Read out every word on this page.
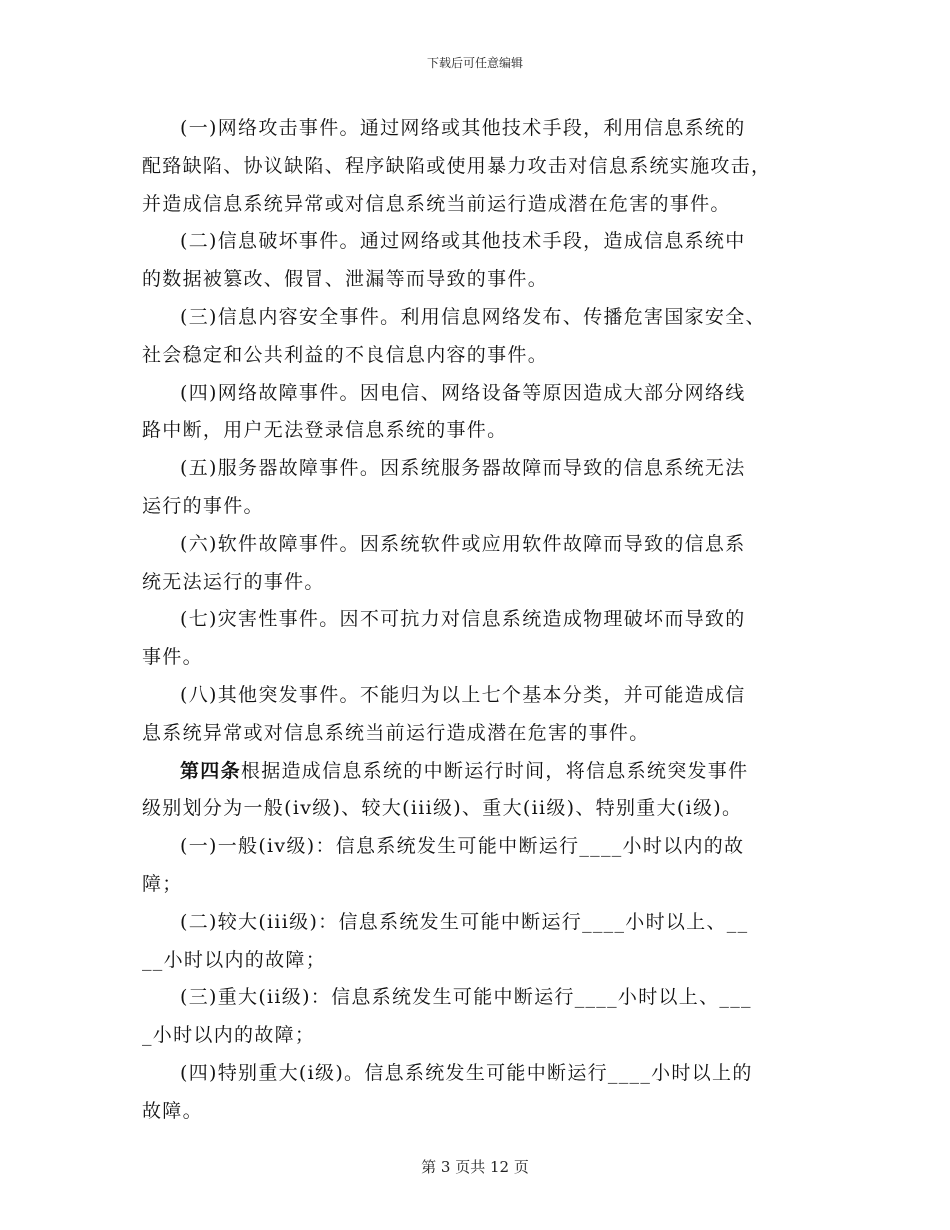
下载后可任意编辑

(一)网络攻击事件。通过网络或其他技术手段，利用信息系统的
配臵缺陷、协议缺陷、程序缺陷或使用暴力攻击对信息系统实施攻击，
并造成信息系统异常或对信息系统当前运行造成潜在危害的事件。

(二)信息破坏事件。通过网络或其他技术手段，造成信息系统中
的数据被篡改、假冒、泄漏等而导致的事件。

(三)信息内容安全事件。利用信息网络发布、传播危害国家安全、
社会稳定和公共利益的不良信息内容的事件。

(四)网络故障事件。因电信、网络设备等原因造成大部分网络线
路中断，用户无法登录信息系统的事件。

(五)服务器故障事件。因系统服务器故障而导致的信息系统无法
运行的事件。

(六)软件故障事件。因系统软件或应用软件故障而导致的信息系
统无法运行的事件。

(七)灾害性事件。因不可抗力对信息系统造成物理破坏而导致的
事件。

(八)其他突发事件。不能归为以上七个基本分类，并可能造成信
息系统异常或对信息系统当前运行造成潜在危害的事件。

第四条根据造成信息系统的中断运行时间，将信息系统突发事件
级别划分为一般(iv级)、较大(iii级)、重大(ii级)、特别重大(i级)。

(一)一般(iv级)：信息系统发生可能中断运行____小时以内的故
障；

(二)较大(iii级)：信息系统发生可能中断运行____小时以上、__
__小时以内的故障；

(三)重大(ii级)：信息系统发生可能中断运行____小时以上、___
_小时以内的故障；

(四)特别重大(i级)。信息系统发生可能中断运行____小时以上的
故障。

第 3 页共 12 页
